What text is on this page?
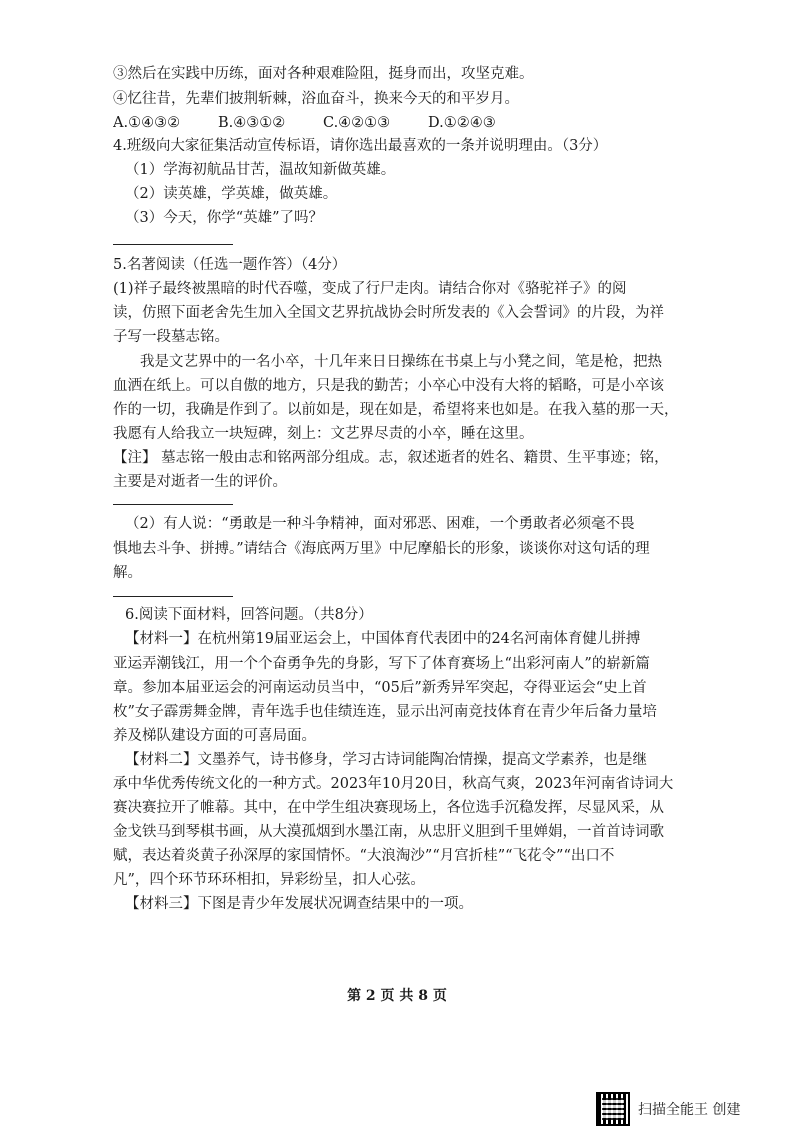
③然后在实践中历练，面对各种艰难险阻，挺身而出，攻坚克难。
④忆往昔，先辈们披荆斩棘，浴血奋斗，换来今天的和平岁月。
A.①④③②	B.④③①②	C.④②①③	D.①②④③
4.班级向大家征集活动宣传标语，请你选出最喜欢的一条并说明理由。（3分）
（1）学海初航品甘苦，温故知新做英雄。
（2）读英雄，学英雄，做英雄。
（3）今天，你学“英雄”了吗？
5.名著阅读（任选一题作答）（4分）
(1)祥子最终被黑暗的时代吞噬，变成了行尸走肉。请结合你对《骆驼祥子》的阅
读，仿照下面老舍先生加入全国文艺界抗战协会时所发表的《入会誓词》的片段，为祥
子写一段墓志铭。
我是文艺界中的一名小卒，十几年来日日操练在书桌上与小凳之间，笔是枪，把热
血洒在纸上。可以自傲的地方，只是我的勤苦；小卒心中没有大将的韬略，可是小卒该
作的一切，我确是作到了。以前如是，现在如是，希望将来也如是。在我入墓的那一天，
我愿有人给我立一块短碑，刻上：文艺界尽责的小卒，睡在这里。
【注】 墓志铭一般由志和铭两部分组成。志，叙述逝者的姓名、籍贯、生平事迹；铭，
主要是对逝者一生的评价。
（2）有人说：“勇敢是一种斗争精神，面对邪恶、困难，一个勇敢者必须毫不畏
惧地去斗争、拼搏。”请结合《海底两万里》中尼摩船长的形象，谈谈你对这句话的理
解。
6.阅读下面材料，回答问题。（共8分）
【材料一】在杭州第19届亚运会上，中国体育代表团中的24名河南体育健儿拼搏
亚运弄潮钱江，用一个个奋勇争先的身影，写下了体育赛场上“出彩河南人”的崭新篇
章。参加本届亚运会的河南运动员当中，“05后”新秀异军突起，夺得亚运会“史上首
枚”女子霹雳舞金牌，青年选手也佳绩连连，显示出河南竞技体育在青少年后备力量培
养及梯队建设方面的可喜局面。
【材料二】文墨养气，诗书修身，学习古诗词能陶冶情操，提高文学素养，也是继
承中华优秀传统文化的一种方式。2023年10月20日，秋高气爽，2023年河南省诗词大
赛决赛拉开了帷幕。其中，在中学生组决赛现场上，各位选手沉稳发挥，尽显风采，从
金戈铁马到琴棋书画，从大漠孤烟到水墨江南，从忠肝义胆到千里婵娟，一首首诗词歌
赋，表达着炎黄子孙深厚的家国情怀。“大浪淘沙”“月宫折桂”“飞花令”“出口不
凡”，四个环节环环相扣，异彩纷呈，扣人心弦。
【材料三】下图是青少年发展状况调查结果中的一项。
第 2 页 共 8 页
扫描全能王 创建
